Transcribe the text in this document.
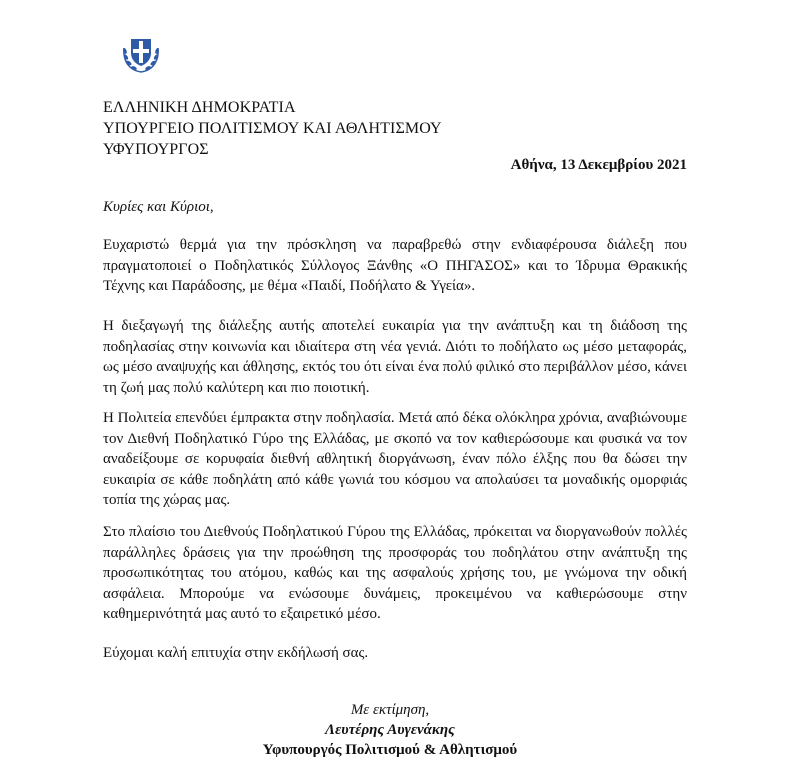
ΕΛΛΗΝΙΚΗ ΔΗΜΟΚΡΑΤΙΑ
ΥΠΟΥΡΓΕΙΟ ΠΟΛΙΤΙΣΜΟΥ ΚΑΙ ΑΘΛΗΤΙΣΜΟΥ
ΥΦΥΠΟΥΡΓΟΣ
Αθήνα, 13 Δεκεμβρίου 2021
Κυρίες και Κύριοι,
Ευχαριστώ θερμά για την πρόσκληση να παραβρεθώ στην ενδιαφέρουσα διάλεξη που πραγματοποιεί ο Ποδηλατικός Σύλλογος Ξάνθης «Ο ΠΗΓΑΣΟΣ» και το Ίδρυμα Θρακικής Τέχνης και Παράδοσης, με θέμα «Παιδί, Ποδήλατο & Υγεία».
Η διεξαγωγή της διάλεξης αυτής αποτελεί ευκαιρία για την ανάπτυξη και τη διάδοση της ποδηλασίας στην κοινωνία και ιδιαίτερα στη νέα γενιά. Διότι το ποδήλατο ως μέσο μεταφοράς, ως μέσο αναψυχής και άθλησης, εκτός του ότι είναι ένα πολύ φιλικό στο περιβάλλον μέσο, κάνει τη ζωή μας πολύ καλύτερη και πιο ποιοτική.
Η Πολιτεία επενδύει έμπρακτα στην ποδηλασία. Μετά από δέκα ολόκληρα χρόνια, αναβιώνουμε τον Διεθνή Ποδηλατικό Γύρο της Ελλάδας, με σκοπό να τον καθιερώσουμε και φυσικά να τον αναδείξουμε σε κορυφαία διεθνή αθλητική διοργάνωση, έναν πόλο έλξης που θα δώσει την ευκαιρία σε κάθε ποδηλάτη από κάθε γωνιά του κόσμου να απολαύσει τα μοναδικής ομορφιάς τοπία της χώρας μας.
Στο πλαίσιο του Διεθνούς Ποδηλατικού Γύρου της Ελλάδας, πρόκειται να διοργανωθούν πολλές παράλληλες δράσεις για την προώθηση της προσφοράς του ποδηλάτου στην ανάπτυξη της προσωπικότητας του ατόμου, καθώς και της ασφαλούς χρήσης του, με γνώμονα την οδική ασφάλεια. Μπορούμε να ενώσουμε δυνάμεις, προκειμένου να καθιερώσουμε στην καθημερινότητά μας αυτό το εξαιρετικό μέσο.
Εύχομαι καλή επιτυχία στην εκδήλωσή σας.
Με εκτίμηση,
Λευτέρης Αυγενάκης
Υφυπουργός Πολιτισμού & Αθλητισμού
